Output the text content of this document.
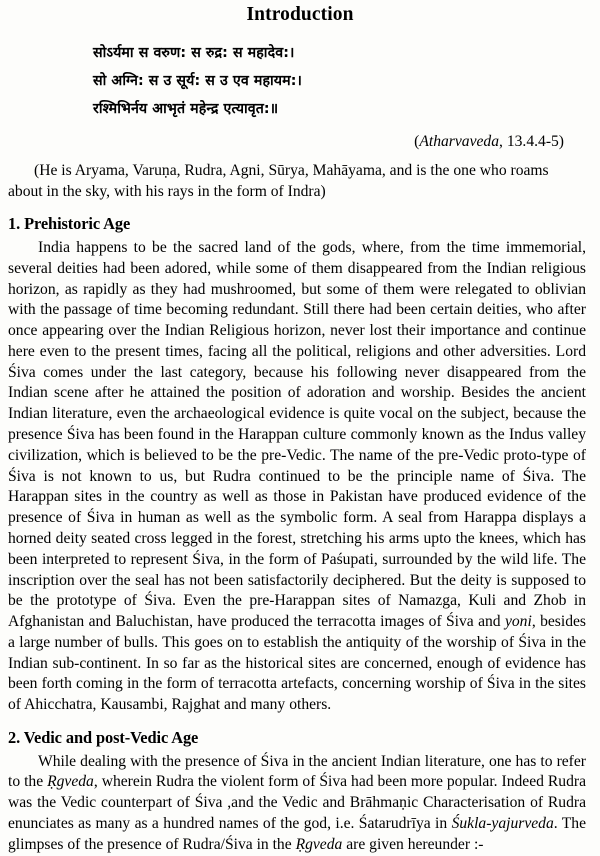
Introduction
सोऽर्यमा स वरुण: स रुद्र: स महादेव:।
सो अग्नि: स उ सूर्य: स उ एव महायम:।
रश्मिभिर्नय आभृतं महेन्द्र एत्यावृत:॥
(Atharvaveda, 13.4.4-5)

(He is Aryama, Varuṇa, Rudra, Agni, Sūrya, Mahāyama, and is the one who roams about in the sky, with his rays in the form of Indra)

1. Prehistoric Age

India happens to be the sacred land of the gods, where, from the time immemorial, several deities had been adored, while some of them disappeared from the Indian religious horizon, as rapidly as they had mushroomed, but some of them were relegated to oblivian with the passage of time becoming redundant. Still there had been certain deities, who after once appearing over the Indian Religious horizon, never lost their importance and continue here even to the present times, facing all the political, religions and other adversities. Lord Śiva comes under the last category, because his following never disappeared from the Indian scene after he attained the position of adoration and worship. Besides the ancient Indian literature, even the archaeological evidence is quite vocal on the subject, because the presence Śiva has been found in the Harappan culture commonly known as the Indus valley civilization, which is believed to be the pre-Vedic. The name of the pre-Vedic proto-type of Śiva is not known to us, but Rudra continued to be the principle name of Śiva. The Harappan sites in the country as well as those in Pakistan have produced evidence of the presence of Śiva in human as well as the symbolic form. A seal from Harappa displays a horned deity seated cross legged in the forest, stretching his arms upto the knees, which has been interpreted to represent Śiva, in the form of Paśupati, surrounded by the wild life. The inscription over the seal has not been satisfactorily deciphered. But the deity is supposed to be the prototype of Śiva. Even the pre-Harappan sites of Namazga, Kuli and Zhob in Afghanistan and Baluchistan, have produced the terracotta images of Śiva and yoni, besides a large number of bulls. This goes on to establish the antiquity of the worship of Śiva in the Indian sub-continent. In so far as the historical sites are concerned, enough of evidence has been forth coming in the form of terracotta artefacts, concerning worship of Śiva in the sites of Ahicchatra, Kausambi, Rajghat and many others.

2. Vedic and post-Vedic Age

While dealing with the presence of Śiva in the ancient Indian literature, one has to refer to the Ṛgveda, wherein Rudra the violent form of Śiva had been more popular. Indeed Rudra was the Vedic counterpart of Śiva ,and the Vedic and Brāhmaṇic Characterisation of Rudra enunciates as many as a hundred names of the god, i.e. Śatarudrīya in Śukla-yajurveda. The glimpses of the presence of Rudra/Śiva in the Ṛgveda are given hereunder :-
